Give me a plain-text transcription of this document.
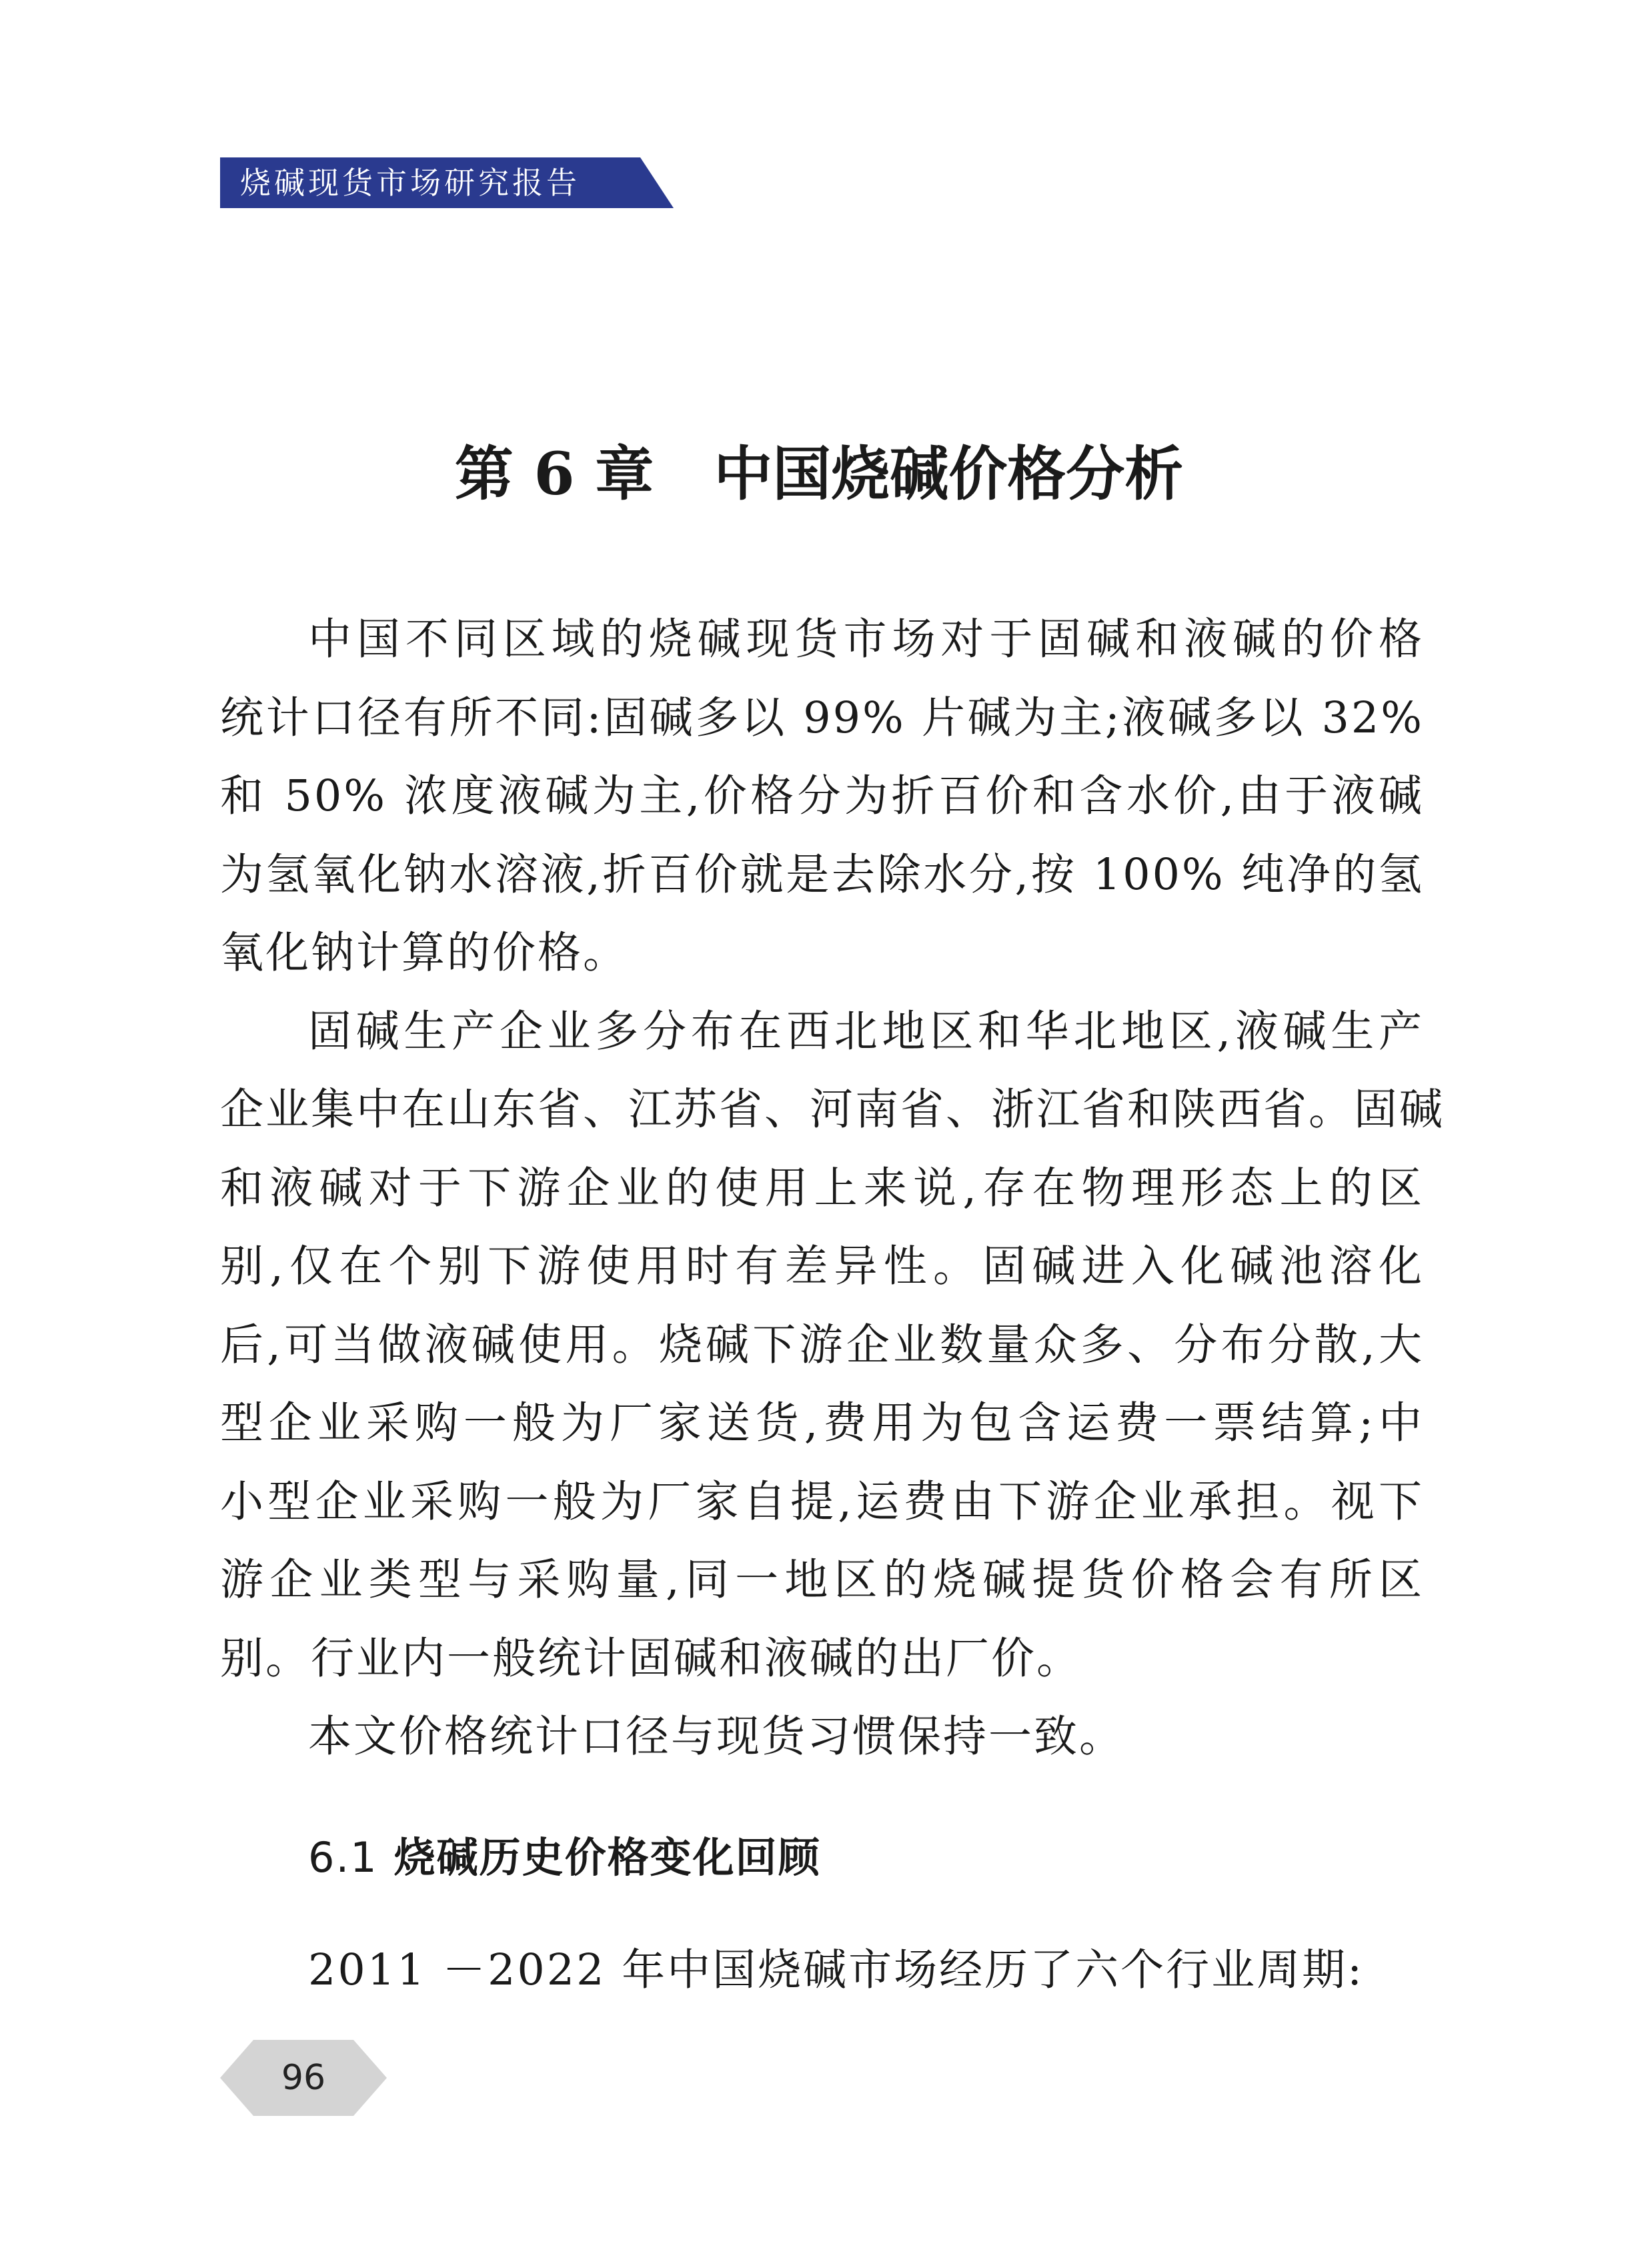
烧碱现货市场研究报告
第 6 章 中国烧碱价格分析
中国不同区域的烧碱现货市场对于固碱和液碱的价格
统计口径有所不同:固碱多以 99% 片碱为主;液碱多以 32%
和 50% 浓度液碱为主,价格分为折百价和含水价,由于液碱
为氢氧化钠水溶液,折百价就是去除水分,按 100% 纯净的氢
氧化钠计算的价格。
固碱生产企业多分布在西北地区和华北地区,液碱生产
企业集中在山东省、江苏省、河南省、浙江省和陕西省。固碱
和液碱对于下游企业的使用上来说,存在物理形态上的区
别,仅在个别下游使用时有差异性。固碱进入化碱池溶化
后,可当做液碱使用。烧碱下游企业数量众多、分布分散,大
型企业采购一般为厂家送货,费用为包含运费一票结算;中
小型企业采购一般为厂家自提,运费由下游企业承担。视下
游企业类型与采购量,同一地区的烧碱提货价格会有所区
别。行业内一般统计固碱和液碱的出厂价。
本文价格统计口径与现货习惯保持一致。
6.1 烧碱历史价格变化回顾
2011 －2022 年中国烧碱市场经历了六个行业周期:
96
